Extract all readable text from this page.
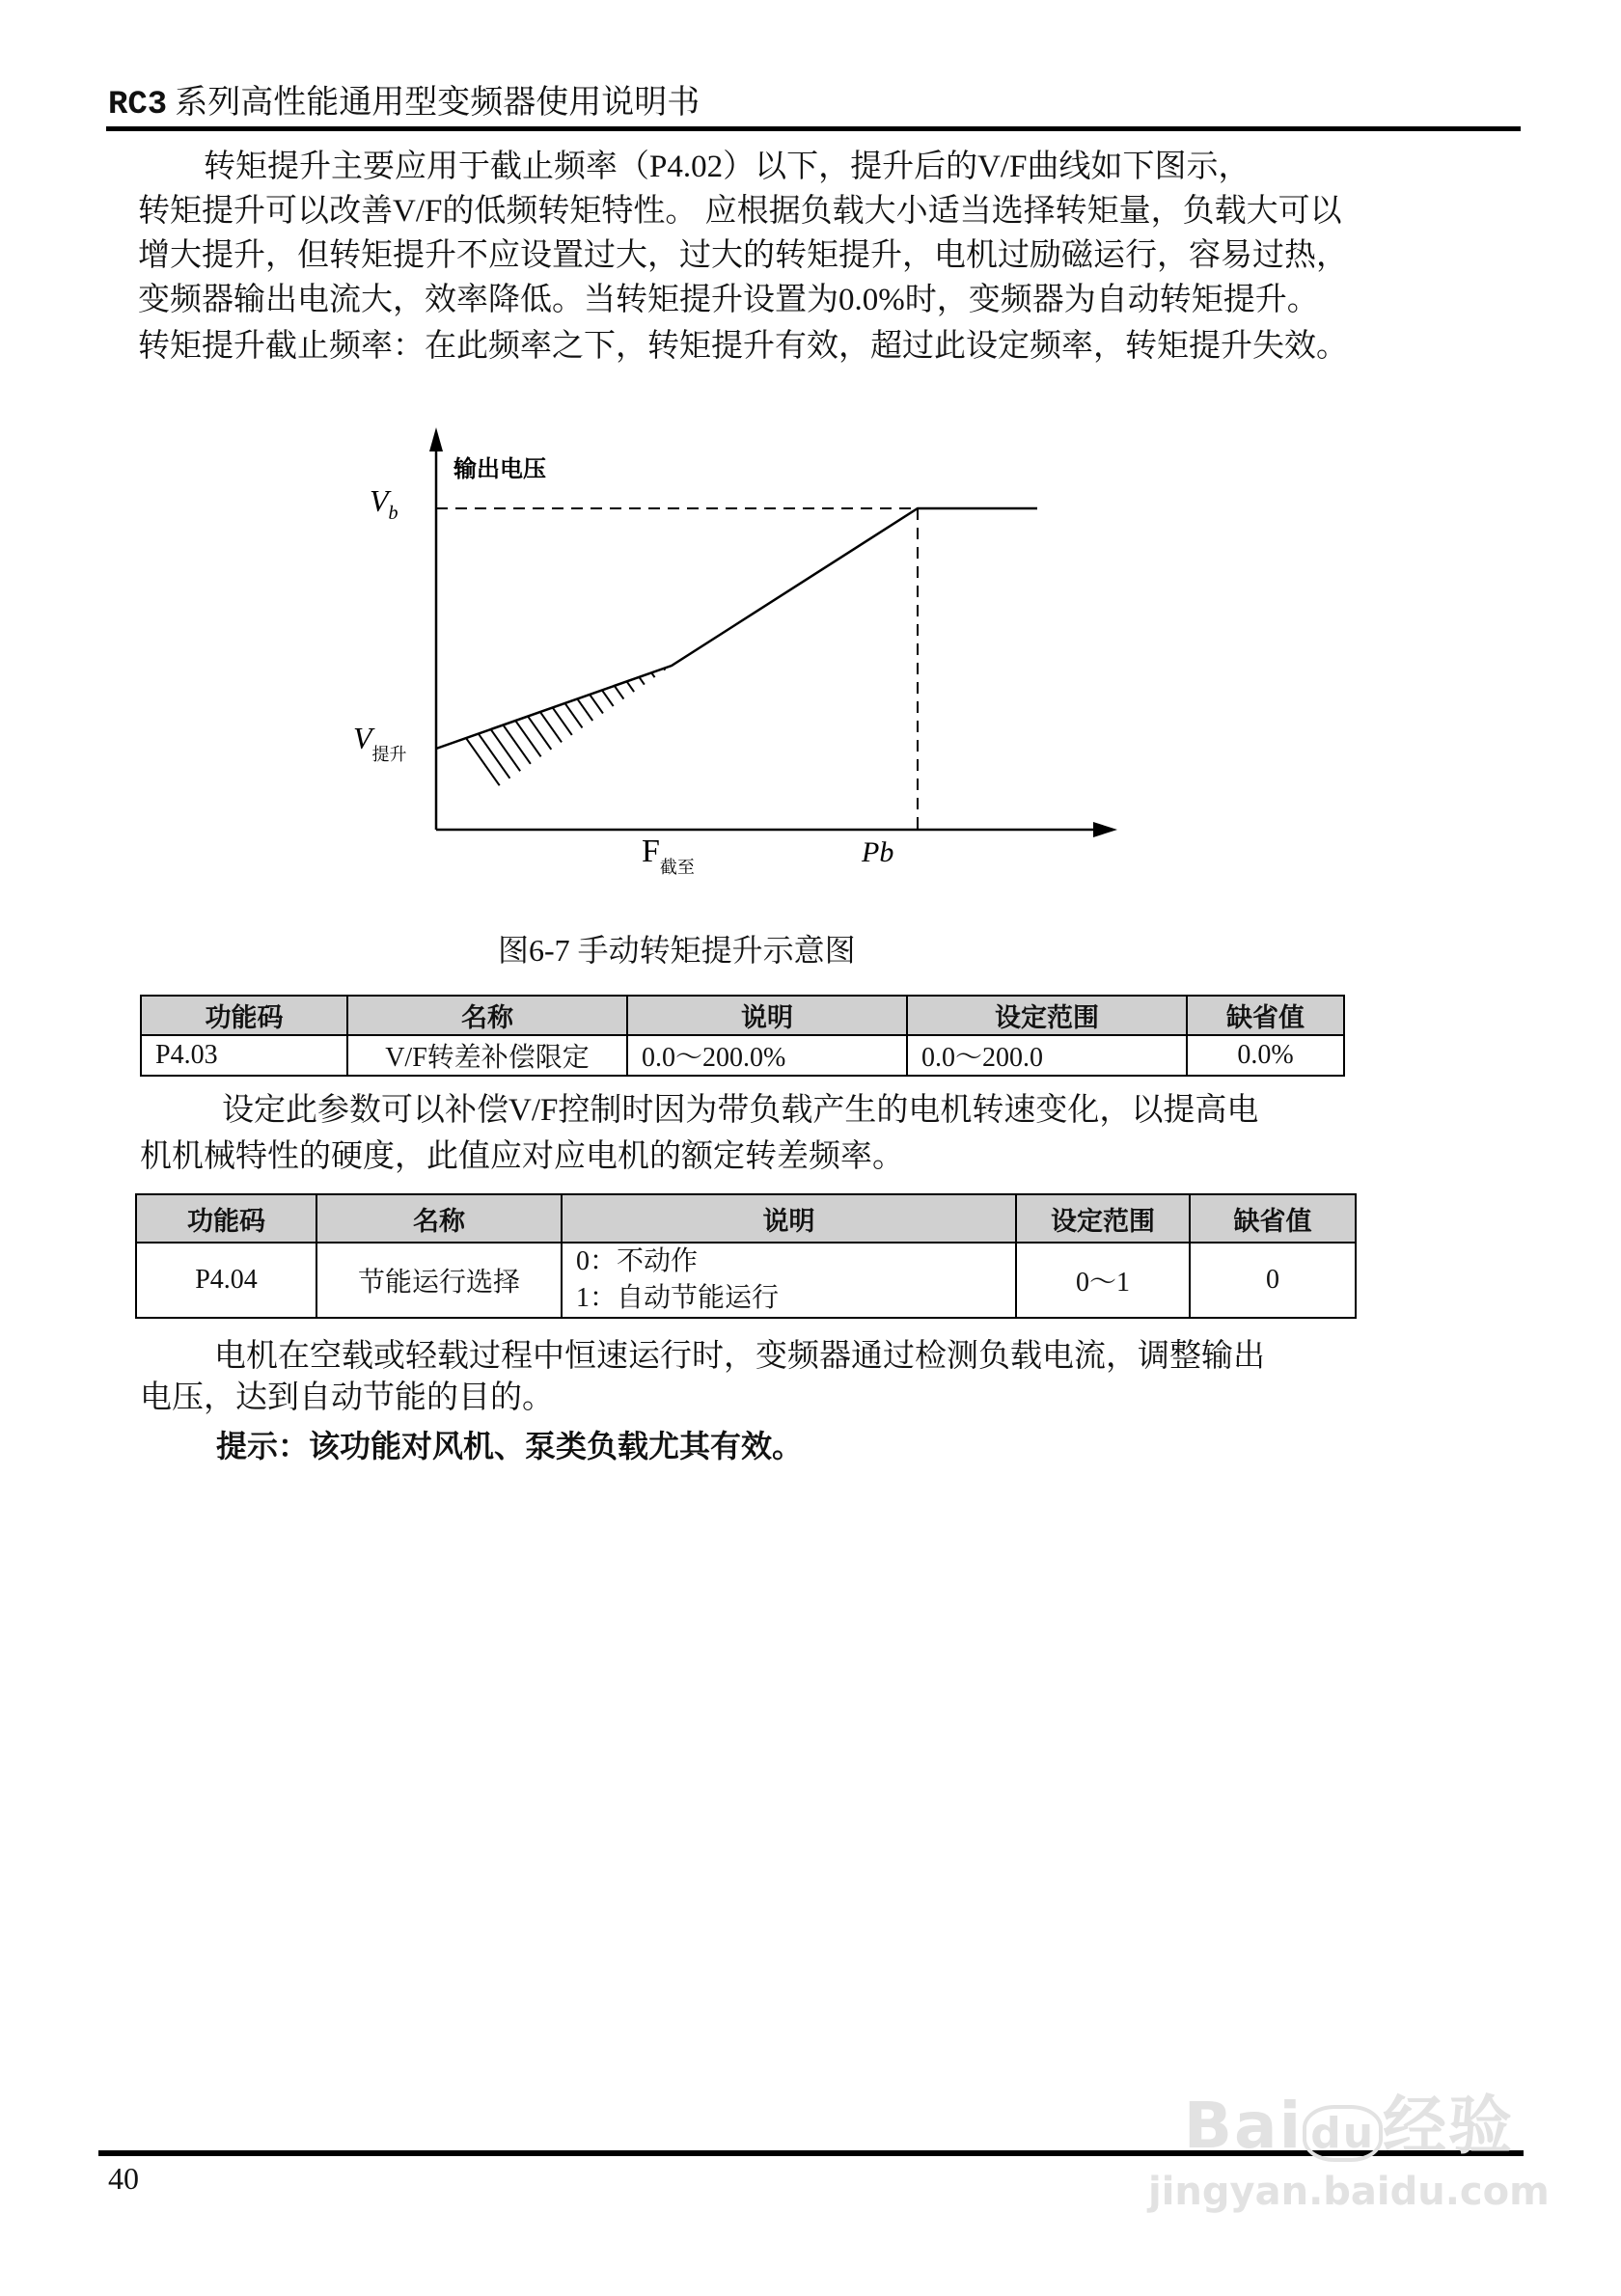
RC3 系列高性能通用型变频器使用说明书
转矩提升主要应用于截止频率（P4.02）以下，提升后的V/F曲线如下图示，
转矩提升可以改善V/F的低频转矩特性。 应根据负载大小适当选择转矩量，负载大可以
增大提升，但转矩提升不应设置过大，过大的转矩提升，电机过励磁运行，容易过热，
变频器输出电流大，效率降低。当转矩提升设置为0.0%时，变频器为自动转矩提升。
转矩提升截止频率：在此频率之下，转矩提升有效，超过此设定频率，转矩提升失效。
输出电压
$V_b$
$V_{提升}$
$F_{截至}$	Pb
图6-7 手动转矩提升示意图
功能码	名称	说明	设定范围	缺省值
P4.03	V/F转差补偿限定	0.0～200.0%	0.0～200.0	0.0%
设定此参数可以补偿V/F控制时因为带负载产生的电机转速变化，以提高电
机机械特性的硬度，此值应对应电机的额定转差频率。
功能码	名称	说明	设定范围	缺省值
P4.04	节能运行选择	0：不动作
1：自动节能运行	0～1	0
电机在空载或轻载过程中恒速运行时，变频器通过检测负载电流，调整输出
电压，达到自动节能的目的。
提示：该功能对风机、泵类负载尤其有效。
40
Bai du 经验
jingyan.baidu.com
